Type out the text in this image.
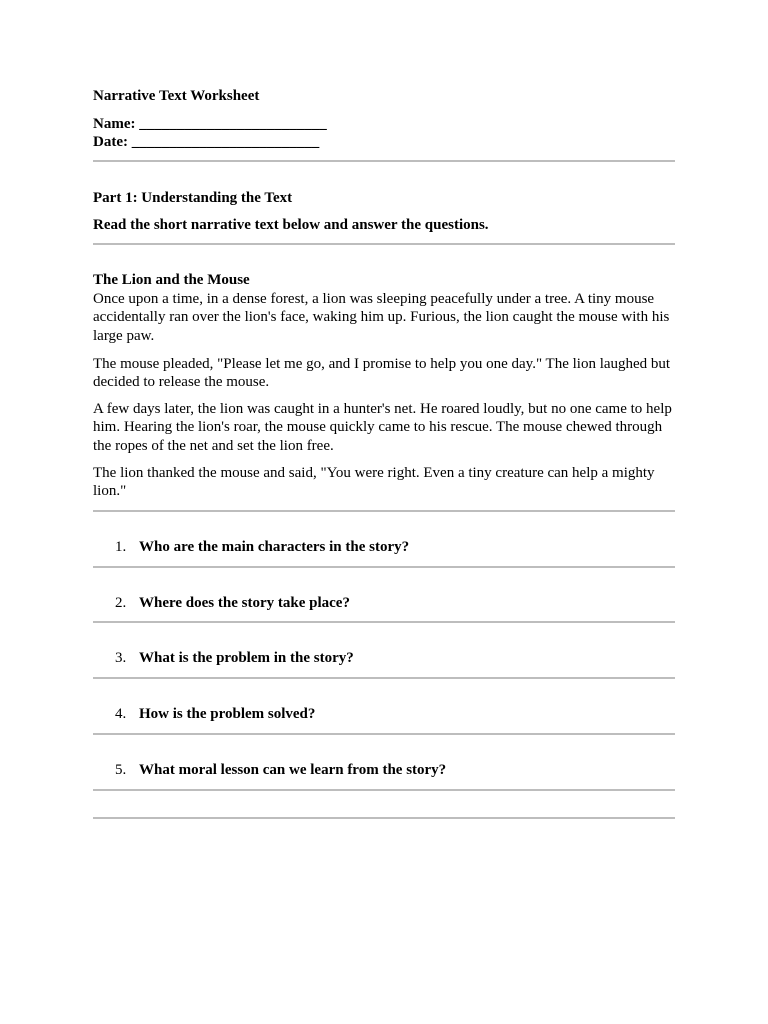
Narrative Text Worksheet
Name: _________________________
Date: _________________________
Part 1: Understanding the Text
Read the short narrative text below and answer the questions.
The Lion and the Mouse
Once upon a time, in a dense forest, a lion was sleeping peacefully under a tree. A tiny mouse accidentally ran over the lion's face, waking him up. Furious, the lion caught the mouse with his large paw.
The mouse pleaded, "Please let me go, and I promise to help you one day." The lion laughed but decided to release the mouse.
A few days later, the lion was caught in a hunter's net. He roared loudly, but no one came to help him. Hearing the lion's roar, the mouse quickly came to his rescue. The mouse chewed through the ropes of the net and set the lion free.
The lion thanked the mouse and said, "You were right. Even a tiny creature can help a mighty lion."
1. Who are the main characters in the story?
2. Where does the story take place?
3. What is the problem in the story?
4. How is the problem solved?
5. What moral lesson can we learn from the story?
